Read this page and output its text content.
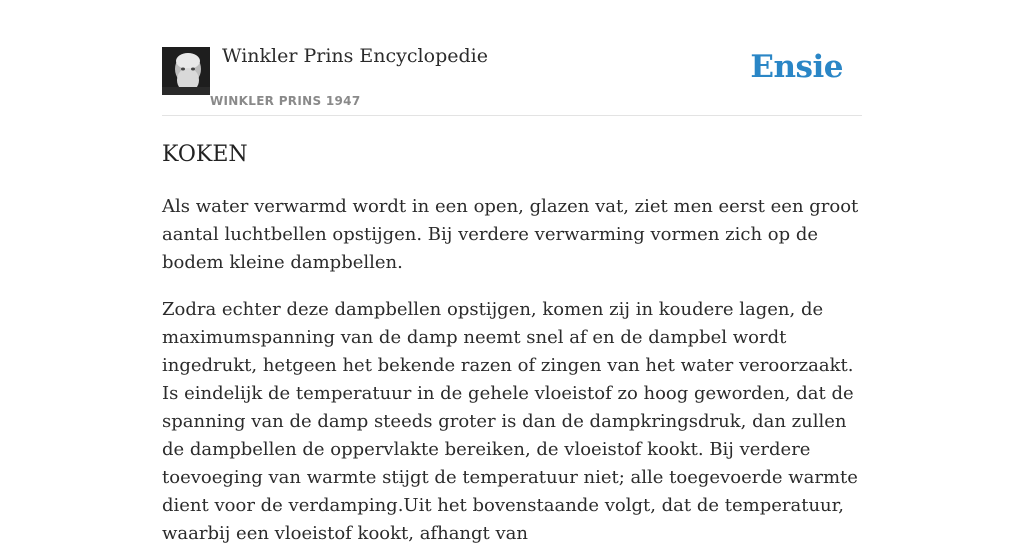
Winkler Prins Encyclopedie
WINKLER PRINS 1947
Ensie
KOKEN

Als water verwarmd wordt in een open, glazen vat, ziet men eerst een groot aantal luchtbellen opstijgen. Bij verdere verwarming vormen zich op de bodem kleine dampbellen.

Zodra echter deze dampbellen opstijgen, komen zij in koudere lagen, de maximumspanning van de damp neemt snel af en de dampbel wordt ingedrukt, hetgeen het bekende razen of zingen van het water veroorzaakt. Is eindelijk de temperatuur in de gehele vloeistof zo hoog geworden, dat de spanning van de damp steeds groter is dan de dampkringsdruk, dan zullen de dampbellen de oppervlakte bereiken, de vloeistof kookt. Bij verdere toevoeging van warmte stijgt de temperatuur niet; alle toegevoerde warmte dient voor de verdamping.Uit het bovenstaande volgt, dat de temperatuur, waarbij een vloeistof kookt, afhangt van
